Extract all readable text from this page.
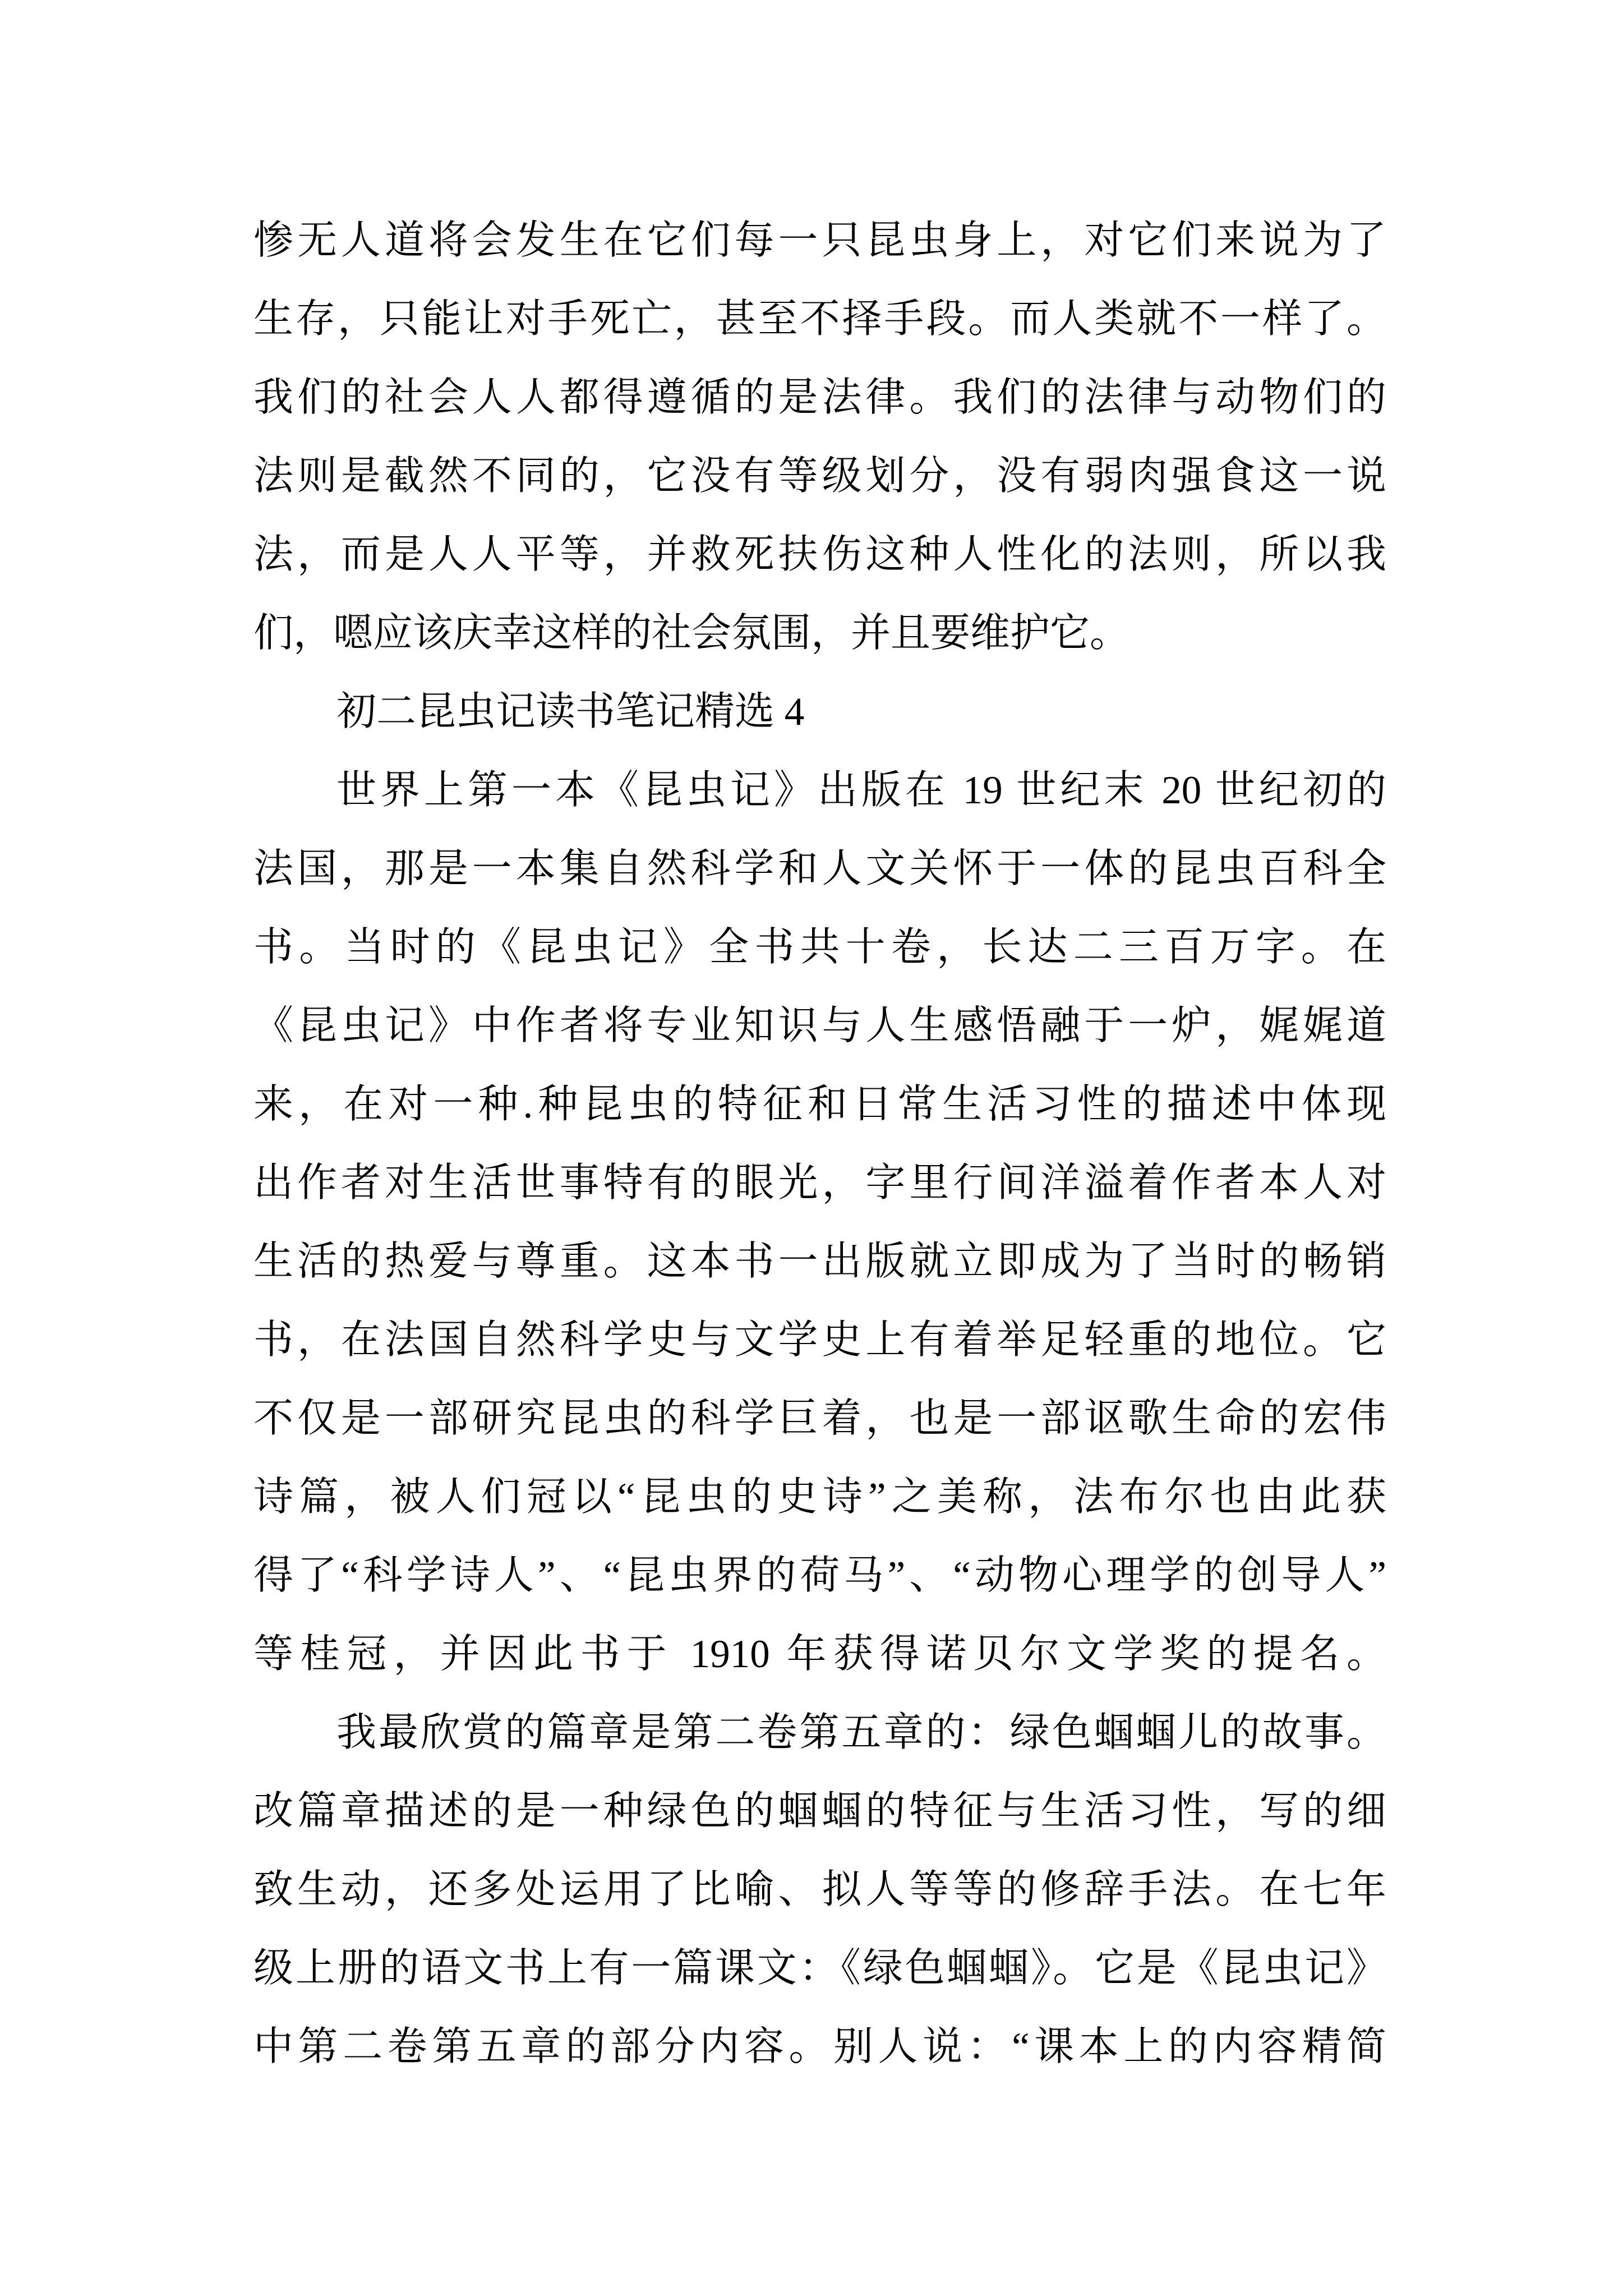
惨无人道将会发生在它们每一只昆虫身上，对它们来说为了
生存，只能让对手死亡，甚至不择手段。而人类就不一样了。
我们的社会人人都得遵循的是法律。我们的法律与动物们的
法则是截然不同的，它没有等级划分，没有弱肉强食这一说
法，而是人人平等，并救死扶伤这种人性化的法则，所以我
们，嗯应该庆幸这样的社会氛围，并且要维护它。
初二昆虫记读书笔记精选 4
世界上第一本《昆虫记》出版在 19 世纪末 20 世纪初的
法国，那是一本集自然科学和人文关怀于一体的昆虫百科全
书。当时的《昆虫记》全书共十卷，长达二三百万字。在
《昆虫记》中作者将专业知识与人生感悟融于一炉，娓娓道
来，在对一种.种昆虫的特征和日常生活习性的描述中体现
出作者对生活世事特有的眼光，字里行间洋溢着作者本人对
生活的热爱与尊重。这本书一出版就立即成为了当时的畅销
书，在法国自然科学史与文学史上有着举足轻重的地位。它
不仅是一部研究昆虫的科学巨着，也是一部讴歌生命的宏伟
诗篇，被人们冠以“昆虫的史诗”之美称，法布尔也由此获
得了“科学诗人”、“昆虫界的荷马”、“动物心理学的创导人”
等桂冠，并因此书于 1910 年获得诺贝尔文学奖的提名。
我最欣赏的篇章是第二卷第五章的：绿色蝈蝈儿的故事。
改篇章描述的是一种绿色的蝈蝈的特征与生活习性，写的细
致生动，还多处运用了比喻、拟人等等的修辞手法。在七年
级上册的语文书上有一篇课文：《绿色蝈蝈》。它是《昆虫记》
中第二卷第五章的部分内容。别人说：“课本上的内容精简
